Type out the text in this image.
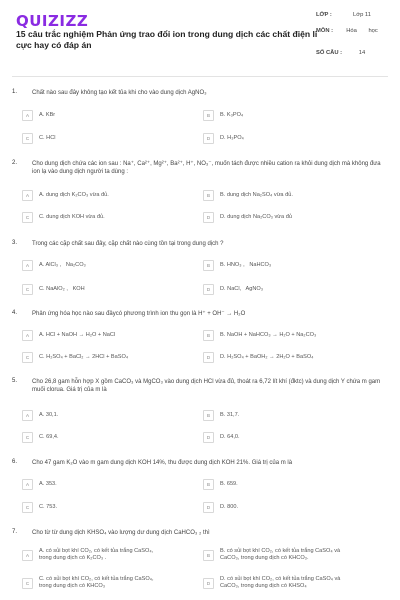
QUIZIZZ
15 câu trắc nghiệm Phản ứng trao đổi ion trong dung dịch các chất điện li cực hay có đáp án
LỚP :	Lớp 11
MÔN :	Hóa học
SỐ CÂU :	14
1. Chất nào sau đây không tạo kết tủa khi cho vào dung dịch AgNO₃
A	A. KBr	B	B. K₃PO₄
C	C. HCl	D	D. H₃PO₄
2. Cho dung dịch chứa các ion sau : Na⁺, Ca²⁺, Mg²⁺, Ba²⁺, H⁺, NO₃⁻, muốn tách được nhiều cation ra khỏi dung dịch mà không đưa ion lạ vào dung dịch người ta dùng :
A	A. dung dịch K₂CO₃ vừa đủ.	B	B. dung dịch Na₂SO₄ vừa đủ.
C	C. dung dịch KOH vừa đủ.	D	D. dung dịch Na₂CO₃ vừa đủ
3. Trong các cặp chất sau đây, cặp chất nào cùng tồn tại trong dung dịch ?
A	A. AlCl₃ ,   Na₂CO₃	B	B. HNO₃ ,   NaHCO₃
C	C. NaAlO₂ ,   KOH	D	D. NaCl,   AgNO₃
4. Phản ứng hóa học nào sau đâycó phương trình ion thu gọn là H⁺ + OH⁻ → H₂O
A	A. HCl + NaOH → H₂O + NaCl	B	B. NaOH + NaHCO₃ → H₂O + Na₂CO₃
C	C. H₂SO₄ + BaCl₂ → 2HCl + BaSO₄	D	D. H₂SO₄ + BaOH₂ → 2H₂O + BaSO₄
5. Cho 26,8 gam hỗn hợp X gồm CaCO₃ và MgCO₃ vào dung dịch HCl vừa đủ, thoát ra 6,72 lít khí (đktc) và dung dịch Y chứa m gam muối clorua. Giá trị của m là
A	A. 30,1.	B	B. 31,7.
C	C. 69,4.	D	D. 64,0.
6. Cho 47 gam K₂O vào m gam dung dịch KOH 14%, thu được dung dịch KOH 21%. Giá trị của m là
A	A. 353.	B	B. 659.
C	C. 753.	D	D. 800.
7. Cho từ từ dung dịch KHSO₄ vào lượng dư dung dịch CaHCO₃ ₂ thì
A
A. có sủi bọt khí CO₂, có kết tủa trắng CaSO₄,
trong dung dịch có K₂CO₃ .	B
B. có sủi bọt khí CO₂, có kết tủa trắng CaSO₄ và
CaCO₃, trong dung dịch có KHCO₃.
C
C. có sủi bọt khí CO₂, có kết tủa trắng CaSO₄,
trong dung dịch có KHCO₃	D
D. có sủi bọt khí CO₂, có kết tủa trắng CaSO₄ và
CaCO₃, trong dung dịch có KHSO₄
